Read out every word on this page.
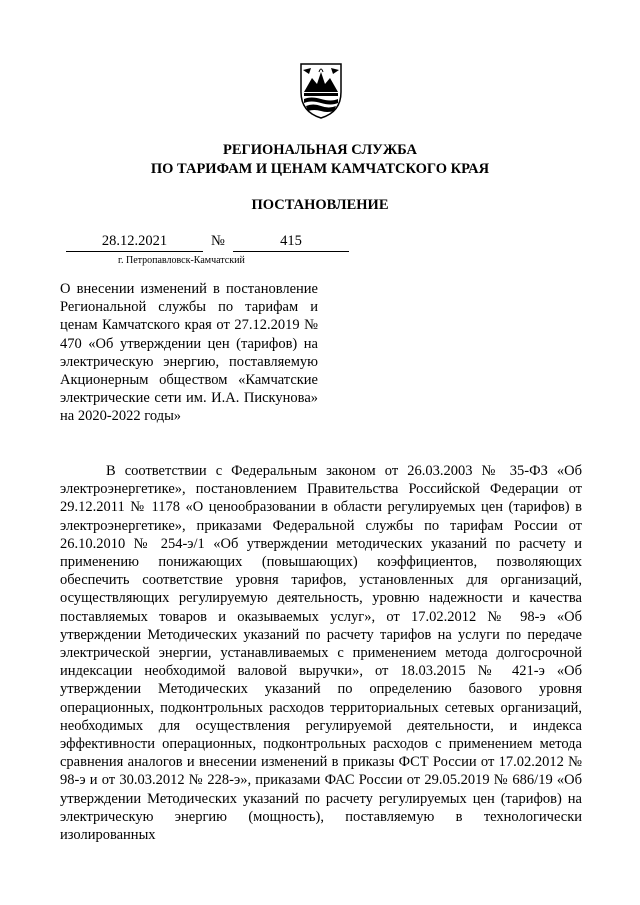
РЕГИОНАЛЬНАЯ СЛУЖБА
ПО ТАРИФАМ И ЦЕНАМ КАМЧАТСКОГО КРАЯ
ПОСТАНОВЛЕНИЕ
28.12.2021	№	415
г. Петропавловск-Камчатский
О внесении изменений в постановление Региональной службы по тарифам и ценам Камчатского края от 27.12.2019 № 470 «Об утверждении цен (тарифов) на электрическую энергию, поставляемую Акционерным обществом «Камчатские электрические сети им. И.А. Пискунова» на 2020-2022 годы»
В соответствии с Федеральным законом от 26.03.2003 № 35-ФЗ «Об электроэнергетике», постановлением Правительства Российской Федерации от 29.12.2011 № 1178 «О ценообразовании в области регулируемых цен (тарифов) в электроэнергетике», приказами Федеральной службы по тарифам России от 26.10.2010 № 254-э/1 «Об утверждении методических указаний по расчету и применению понижающих (повышающих) коэффициентов, позволяющих обеспечить соответствие уровня тарифов, установленных для организаций, осуществляющих регулируемую деятельность, уровню надежности и качества поставляемых товаров и оказываемых услуг», от 17.02.2012 № 98-э «Об утверждении Методических указаний по расчету тарифов на услуги по передаче электрической энергии, устанавливаемых с применением метода долгосрочной индексации необходимой валовой выручки», от 18.03.2015 № 421-э «Об утверждении Методических указаний по определению базового уровня операционных, подконтрольных расходов территориальных сетевых организаций, необходимых для осуществления регулируемой деятельности, и индекса эффективности операционных, подконтрольных расходов с применением метода сравнения аналогов и внесении изменений в приказы ФСТ России от 17.02.2012 № 98-э и от 30.03.2012 № 228-э», приказами ФАС России от 29.05.2019 № 686/19 «Об утверждении Методических указаний по расчету регулируемых цен (тарифов) на электрическую энергию (мощность), поставляемую в технологически изолированных
